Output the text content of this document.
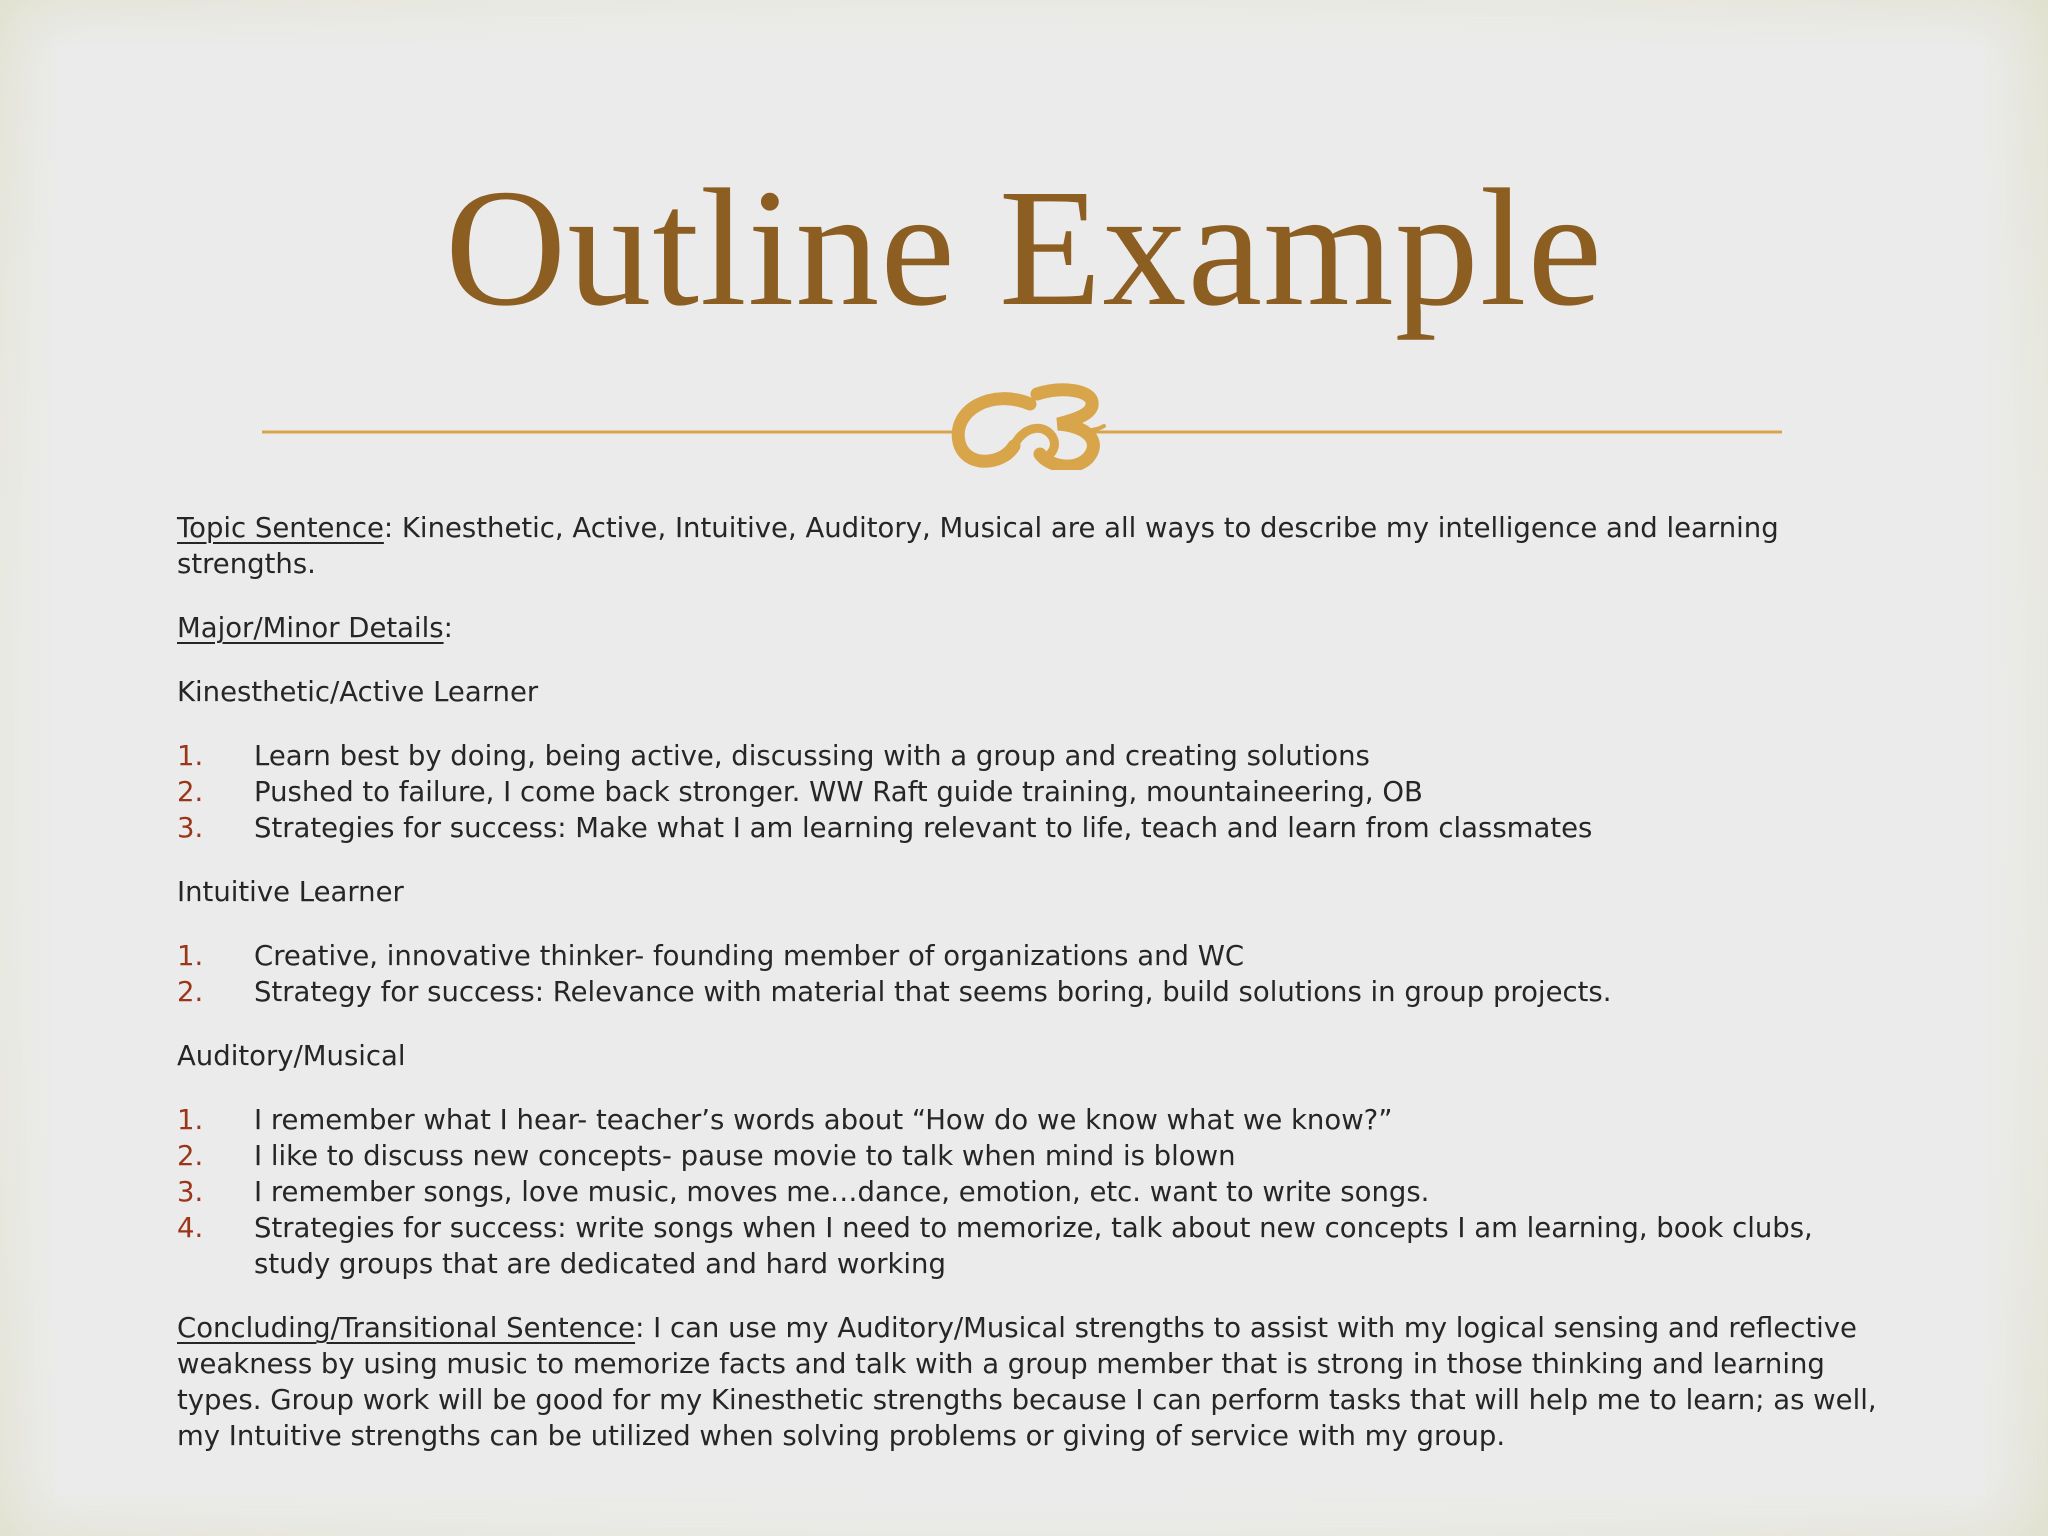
Outline Example

Topic Sentence: Kinesthetic, Active, Intuitive, Auditory, Musical are all ways to describe my intelligence and learning strengths.

Major/Minor Details:

Kinesthetic/Active Learner

1. Learn best by doing, being active, discussing with a group and creating solutions
2. Pushed to failure, I come back stronger. WW Raft guide training, mountaineering, OB
3. Strategies for success: Make what I am learning relevant to life, teach and learn from classmates

Intuitive Learner

1. Creative, innovative thinker- founding member of organizations and WC
2. Strategy for success: Relevance with material that seems boring, build solutions in group projects.

Auditory/Musical

1. I remember what I hear- teacher’s words about “How do we know what we know?”
2. I like to discuss new concepts- pause movie to talk when mind is blown
3. I remember songs, love music, moves me…dance, emotion, etc. want to write songs.
4. Strategies for success: write songs when I need to memorize, talk about new concepts I am learning, book clubs, study groups that are dedicated and hard working

Concluding/Transitional Sentence: I can use my Auditory/Musical strengths to assist with my logical sensing and reflective weakness by using music to memorize facts and talk with a group member that is strong in those thinking and learning types. Group work will be good for my Kinesthetic strengths because I can perform tasks that will help me to learn; as well, my Intuitive strengths can be utilized when solving problems or giving of service with my group.
